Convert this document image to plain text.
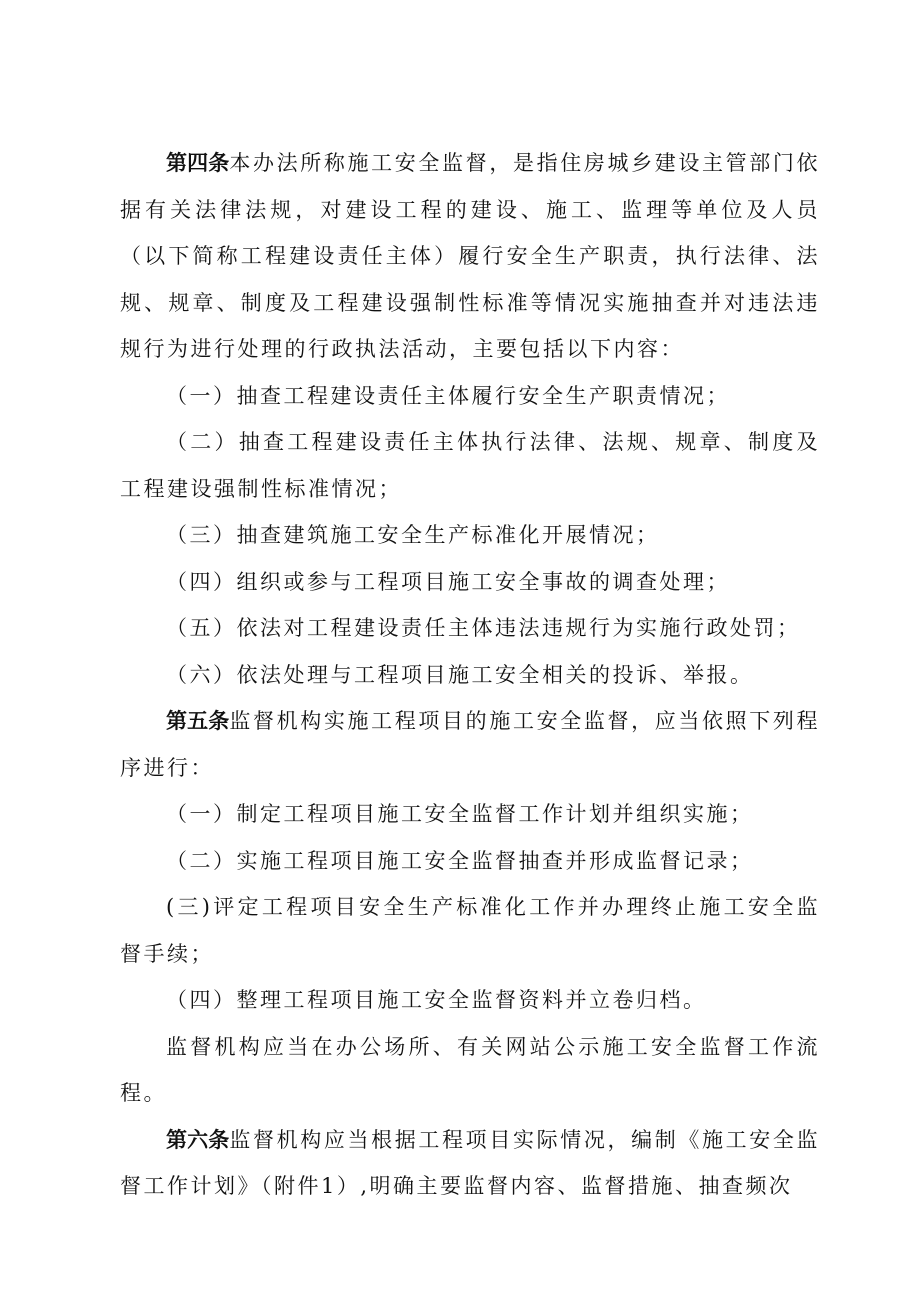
第四条本办法所称施工安全监督，是指住房城乡建设主管部门依据有关法律法规，对建设工程的建设、施工、监理等单位及人员（以下简称工程建设责任主体）履行安全生产职责，执行法律、法规、规章、制度及工程建设强制性标准等情况实施抽查并对违法违规行为进行处理的行政执法活动，主要包括以下内容：

（一）抽查工程建设责任主体履行安全生产职责情况；

（二）抽查工程建设责任主体执行法律、法规、规章、制度及工程建设强制性标准情况；

（三）抽查建筑施工安全生产标准化开展情况；

（四）组织或参与工程项目施工安全事故的调查处理；

（五）依法对工程建设责任主体违法违规行为实施行政处罚；

（六）依法处理与工程项目施工安全相关的投诉、举报。

第五条监督机构实施工程项目的施工安全监督，应当依照下列程序进行：

（一）制定工程项目施工安全监督工作计划并组织实施；

（二）实施工程项目施工安全监督抽查并形成监督记录；

(三)评定工程项目安全生产标准化工作并办理终止施工安全监督手续；

（四）整理工程项目施工安全监督资料并立卷归档。

监督机构应当在办公场所、有关网站公示施工安全监督工作流程。

第六条监督机构应当根据工程项目实际情况，编制《施工安全监督工作计划》（附件1）,明确主要监督内容、监督措施、抽查频次
